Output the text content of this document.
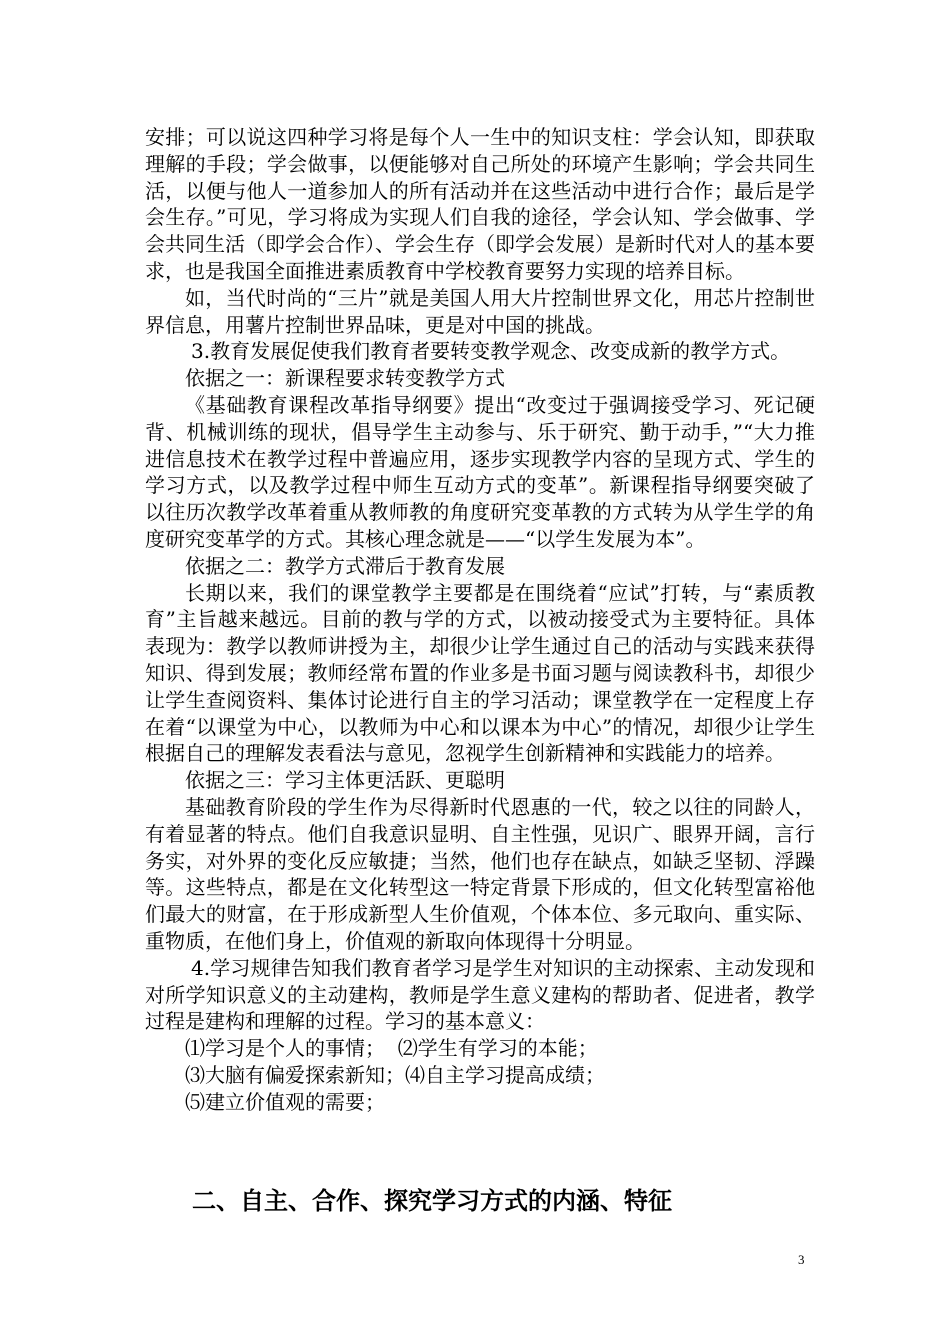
安排；可以说这四种学习将是每个人一生中的知识支柱：学会认知，即获取理解的手段；学会做事，以便能够对自己所处的环境产生影响；学会共同生活，以便与他人一道参加人的所有活动并在这些活动中进行合作；最后是学会生存。”可见，学习将成为实现人们自我的途径，学会认知、学会做事、学会共同生活（即学会合作）、学会生存（即学会发展）是新时代对人的基本要求，也是我国全面推进素质教育中学校教育要努力实现的培养目标。

如，当代时尚的“三片”就是美国人用大片控制世界文化，用芯片控制世界信息，用薯片控制世界品味，更是对中国的挑战。

3.教育发展促使我们教育者要转变教学观念、改变成新的教学方式。

依据之一：新课程要求转变教学方式

《基础教育课程改革指导纲要》提出“改变过于强调接受学习、死记硬背、机械训练的现状，倡导学生主动参与、乐于研究、勤于动手，”“大力推进信息技术在教学过程中普遍应用，逐步实现教学内容的呈现方式、学生的学习方式，以及教学过程中师生互动方式的变革”。新课程指导纲要突破了以往历次教学改革着重从教师教的角度研究变革教的方式转为从学生学的角度研究变革学的方式。其核心理念就是——“以学生发展为本”。

依据之二：教学方式滞后于教育发展

长期以来，我们的课堂教学主要都是在围绕着“应试”打转，与“素质教育”主旨越来越远。目前的教与学的方式，以被动接受式为主要特征。具体表现为：教学以教师讲授为主，却很少让学生通过自己的活动与实践来获得知识、得到发展；教师经常布置的作业多是书面习题与阅读教科书，却很少让学生查阅资料、集体讨论进行自主的学习活动；课堂教学在一定程度上存在着“以课堂为中心，以教师为中心和以课本为中心”的情况，却很少让学生根据自己的理解发表看法与意见，忽视学生创新精神和实践能力的培养。

依据之三：学习主体更活跃、更聪明

基础教育阶段的学生作为尽得新时代恩惠的一代，较之以往的同龄人，有着显著的特点。他们自我意识显明、自主性强，见识广、眼界开阔，言行务实，对外界的变化反应敏捷；当然，他们也存在缺点，如缺乏坚韧、浮躁等。这些特点，都是在文化转型这一特定背景下形成的，但文化转型富裕他们最大的财富，在于形成新型人生价值观，个体本位、多元取向、重实际、重物质，在他们身上，价值观的新取向体现得十分明显。

4.学习规律告知我们教育者学习是学生对知识的主动探索、主动发现和对所学知识意义的主动建构，教师是学生意义建构的帮助者、促进者，教学过程是建构和理解的过程。学习的基本意义：

⑴学习是个人的事情；  ⑵学生有学习的本能；
⑶大脑有偏爱探索新知；⑷自主学习提高成绩；
⑸建立价值观的需要；
二、自主、合作、探究学习方式的内涵、特征
3
